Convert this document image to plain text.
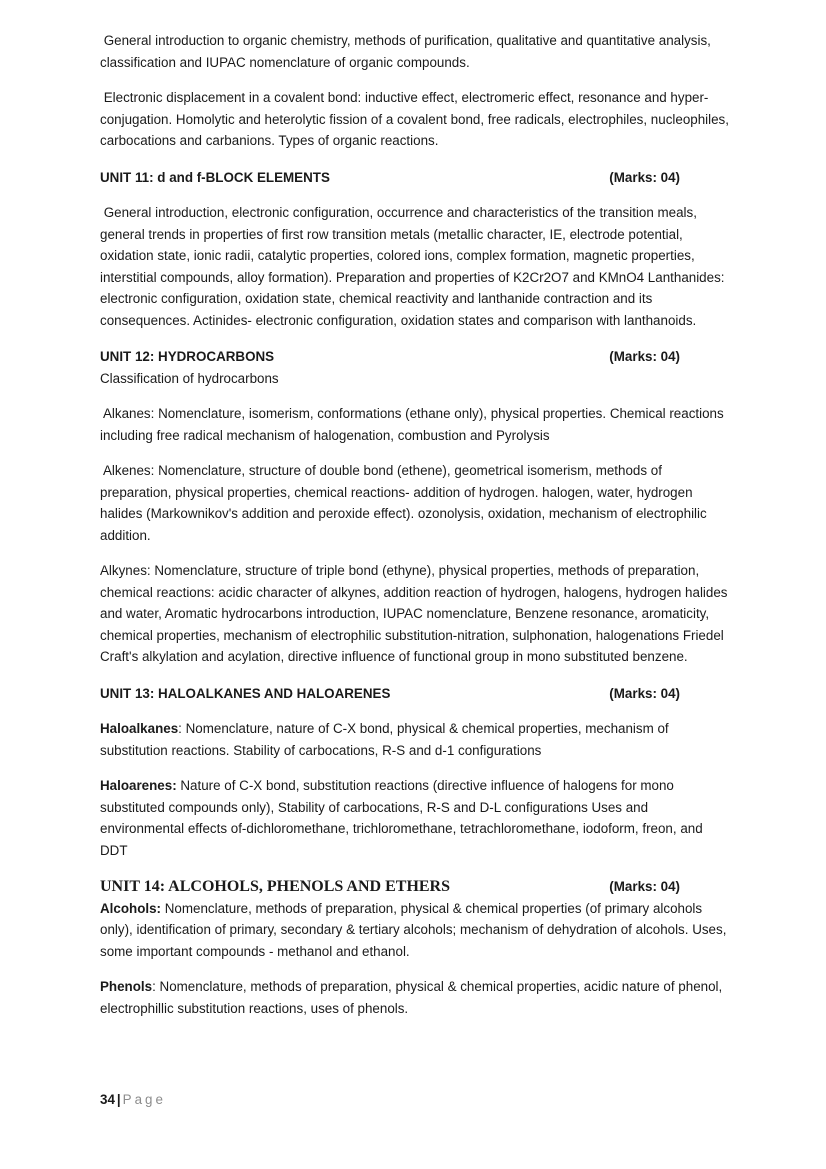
General introduction to organic chemistry, methods of purification, qualitative and quantitative analysis, classification and IUPAC nomenclature of organic compounds.

Electronic displacement in a covalent bond: inductive effect, electromeric effect, resonance and hyper-conjugation. Homolytic and heterolytic fission of a covalent bond, free radicals, electrophiles, nucleophiles, carbocations and carbanions. Types of organic reactions.

UNIT 11: d and f-BLOCK ELEMENTS	(Marks: 04)

General introduction, electronic configuration, occurrence and characteristics of the transition meals, general trends in properties of first row transition metals (metallic character, IE, electrode potential, oxidation state, ionic radii, catalytic properties, colored ions, complex formation, magnetic properties, interstitial compounds, alloy formation). Preparation and properties of K2Cr2O7 and KMnO4 Lanthanides: electronic configuration, oxidation state, chemical reactivity and lanthanide contraction and its consequences. Actinides- electronic configuration, oxidation states and comparison with lanthanoids.

UNIT 12: HYDROCARBONS	(Marks: 04)

Classification of hydrocarbons

Alkanes: Nomenclature, isomerism, conformations (ethane only), physical properties. Chemical reactions including free radical mechanism of halogenation, combustion and Pyrolysis

Alkenes: Nomenclature, structure of double bond (ethene), geometrical isomerism, methods of preparation, physical properties, chemical reactions- addition of hydrogen. halogen, water, hydrogen halides (Markownikov's addition and peroxide effect). ozonolysis, oxidation, mechanism of electrophilic addition.

Alkynes: Nomenclature, structure of triple bond (ethyne), physical properties, methods of preparation, chemical reactions: acidic character of alkynes, addition reaction of hydrogen, halogens, hydrogen halides and water, Aromatic hydrocarbons introduction, IUPAC nomenclature, Benzene resonance, aromaticity, chemical properties, mechanism of electrophilic substitution-nitration, sulphonation, halogenations Friedel Craft's alkylation and acylation, directive influence of functional group in mono substituted benzene.

UNIT 13: HALOALKANES AND HALOARENES	(Marks: 04)

Haloalkanes: Nomenclature, nature of C-X bond, physical & chemical properties, mechanism of substitution reactions. Stability of carbocations, R-S and d-1 configurations

Haloarenes: Nature of C-X bond, substitution reactions (directive influence of halogens for mono substituted compounds only), Stability of carbocations, R-S and D-L configurations Uses and environmental effects of-dichloromethane, trichloromethane, tetrachloromethane, iodoform, freon, and DDT

UNIT 14: ALCOHOLS, PHENOLS AND ETHERS	(Marks: 04)

Alcohols: Nomenclature, methods of preparation, physical & chemical properties (of primary alcohols only), identification of primary, secondary & tertiary alcohols; mechanism of dehydration of alcohols. Uses, some important compounds - methanol and ethanol.

Phenols: Nomenclature, methods of preparation, physical & chemical properties, acidic nature of phenol, electrophillic substitution reactions, uses of phenols.

34 | Page
